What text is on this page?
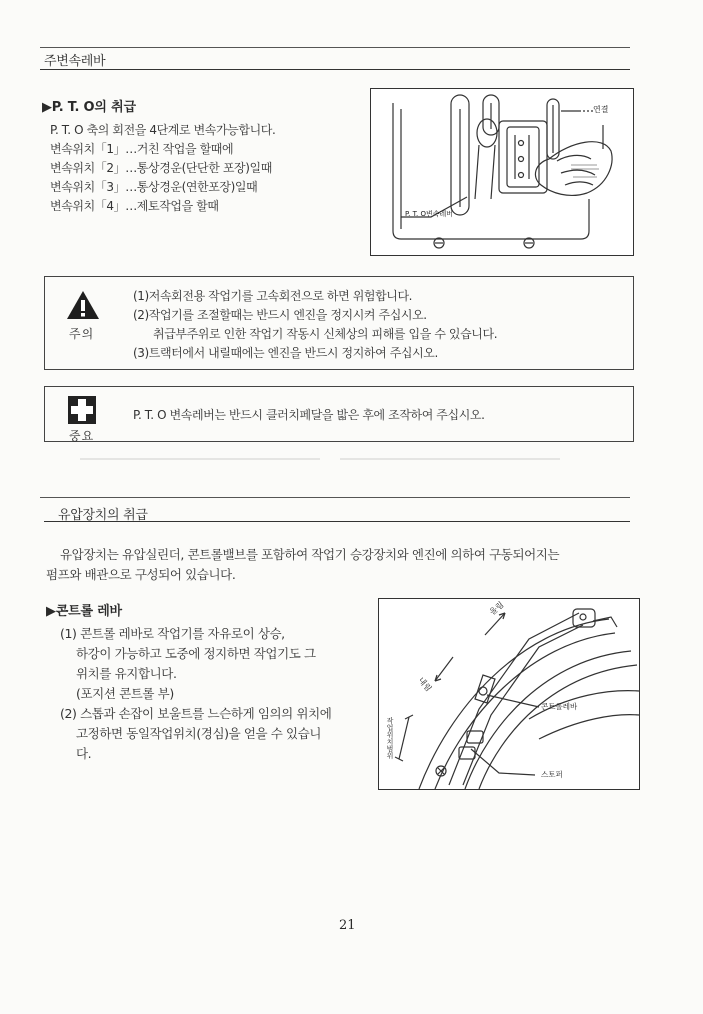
주변속레바
▶P. T. O의 취급
P. T. O 축의 회전을 4단계로 변속가능합니다.
변속위치「1」…거친 작업을 할때에
변속위치「2」…통상경운(단단한 포장)일때
변속위치「3」…통상경운(연한포장)일때
변속위치「4」…제토작업을 할때
연결
P. T. O변속레버
주의
(1)저속회전용 작업기를 고속회전으로 하면 위험합니다.
(2)작업기를 조절할때는 반드시 엔진을 정지시켜 주십시오.
취급부주위로 인한 작업기 작동시 신체상의 피해를 입을 수 있습니다.
(3)트랙터에서 내릴때에는 엔진을 반드시 정지하여 주십시오.
중요
P. T. O 변속레버는 반드시 클러치페달을 밟은 후에 조작하여 주십시오.
유압장치의 취급
유압장치는 유압실린더, 콘트롤밸브를 포함하여 작업기 승강장치와 엔진에 의하여 구동되어지는
펌프와 배관으로 구성되어 있습니다.
▶콘트롤 레바
(1) 콘트롤 레바로 작업기를 자유로이 상승,
하강이 가능하고 도중에 정지하면 작업기도 그
위치를 유지합니다.
(포지션 콘트롤 부)
(2) 스톱과 손잡이 보울트를 느슨하게 임의의 위치에
고정하면 동일작업위치(경심)을 얻을 수 있습니
다.
올림
내림
콘트롤레바
작업위치범위
스토퍼
21
